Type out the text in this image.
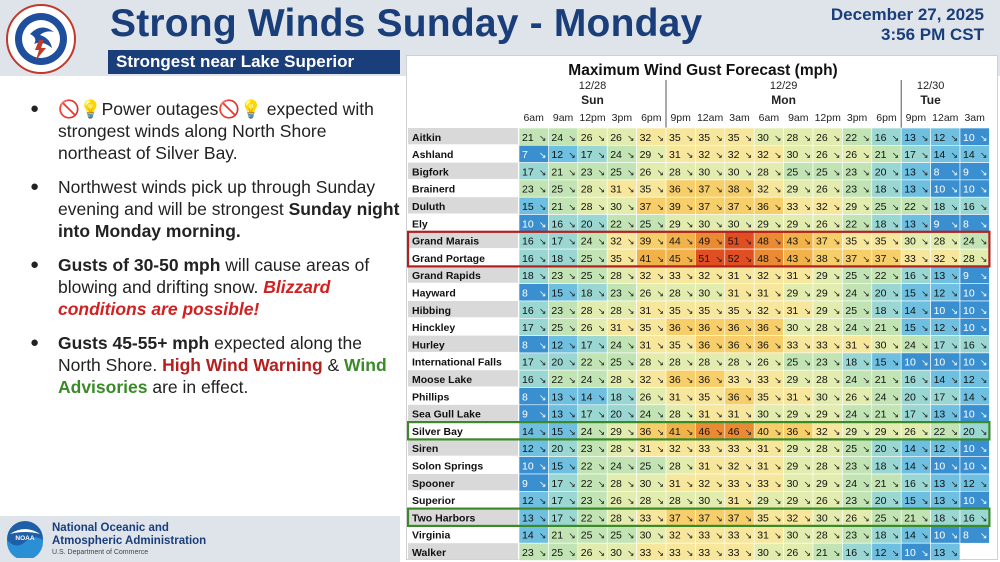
Strong Winds Sunday - Monday
Strongest near Lake Superior
December 27, 2025
3:56 PM CST
● 🚫💡Power outages🚫💡 expected with strongest winds along North Shore northeast of Silver Bay.
● Northwest winds pick up through Sunday evening and will be strongest Sunday night into Monday morning.
● Gusts of 30-50 mph will cause areas of blowing and drifting snow. Blizzard conditions are possible!
● Gusts 45-55+ mph expected along the North Shore. High Wind Warning & Wind Advisories are in effect.
NOAA
National Oceanic and
Atmospheric Administration
U.S. Department of Commerce
Maximum Wind Gust Forecast (mph)
12/28
Sun
12/29
Mon
12/30
Tue
6am 9am 12pm 3pm 6pm 9pm 12am 3am 6am 9am 12pm 3pm 6pm 9pm 12am 3am
Aitkin	21 ↘ 24 ↘ 26 ↘ 26 ↘ 32 ↘ 35 ↘ 35 ↘ 35 ↘ 30 ↘ 28 ↘ 26 ↘ 22 ↘ 16 ↘ 13 ↘ 12 ↘ 10 ↘
Ashland	7 ↘ 12 ↘ 17 ↘ 24 ↘ 29 ↘ 31 ↘ 32 ↘ 32 ↘ 32 ↘ 30 ↘ 26 ↘ 26 ↘ 21 ↘ 17 ↘ 14 ↘ 14 ↘
Bigfork	17 ↘ 21 ↘ 23 ↘ 25 ↘ 26 ↘ 28 ↘ 30 ↘ 30 ↘ 28 ↘ 25 ↘ 25 ↘ 23 ↘ 20 ↘ 13 ↘ 8 ↘ 9 ↘
Brainerd	23 ↘ 25 ↘ 28 ↘ 31 ↘ 35 ↘ 36 ↘ 37 ↘ 38 ↘ 32 ↘ 29 ↘ 26 ↘ 23 ↘ 18 ↘ 13 ↘ 10 ↘ 10 ↘
Duluth	15 ↘ 21 ↘ 28 ↘ 30 ↘ 37 ↘ 39 ↘ 37 ↘ 37 ↘ 36 ↘ 33 ↘ 32 ↘ 29 ↘ 25 ↘ 22 ↘ 18 ↘ 16 ↘
Ely	10 ↘ 16 ↘ 20 ↘ 22 ↘ 25 ↘ 29 ↘ 30 ↘ 30 ↘ 29 ↘ 29 ↘ 26 ↘ 22 ↘ 18 ↘ 13 ↘ 9 ↘ 8 ↘
Grand Marais	16 ↘ 17 ↘ 24 ↘ 32 ↘ 39 ↘ 44 ↘ 49 ↘ 51 ↘ 48 ↘ 43 ↘ 37 ↘ 35 ↘ 35 ↘ 30 ↘ 28 ↘ 24 ↘
Grand Portage	16 ↘ 18 ↘ 25 ↘ 35 ↘ 41 ↘ 45 ↘ 51 ↘ 52 ↘ 48 ↘ 43 ↘ 38 ↘ 37 ↘ 37 ↘ 33 ↘ 32 ↘ 28 ↘
Grand Rapids	18 ↘ 23 ↘ 25 ↘ 28 ↘ 32 ↘ 33 ↘ 32 ↘ 31 ↘ 32 ↘ 31 ↘ 29 ↘ 25 ↘ 22 ↘ 16 ↘ 13 ↘ 9 ↘
Hayward	8 ↘ 15 ↘ 18 ↘ 23 ↘ 26 ↘ 28 ↘ 30 ↘ 31 ↘ 31 ↘ 29 ↘ 29 ↘ 24 ↘ 20 ↘ 15 ↘ 12 ↘ 10 ↘
Hibbing	16 ↘ 23 ↘ 28 ↘ 28 ↘ 31 ↘ 35 ↘ 35 ↘ 35 ↘ 32 ↘ 31 ↘ 29 ↘ 25 ↘ 18 ↘ 14 ↘ 10 ↘ 10 ↘
Hinckley	17 ↘ 25 ↘ 26 ↘ 31 ↘ 35 ↘ 36 ↘ 36 ↘ 36 ↘ 36 ↘ 30 ↘ 28 ↘ 24 ↘ 21 ↘ 15 ↘ 12 ↘ 10 ↘
Hurley	8 ↘ 12 ↘ 17 ↘ 24 ↘ 31 ↘ 35 ↘ 36 ↘ 36 ↘ 36 ↘ 33 ↘ 33 ↘ 31 ↘ 30 ↘ 24 ↘ 17 ↘ 16 ↘
International Falls 17 ↘ 20 ↘ 22 ↘ 25 ↘ 28 ↘ 28 ↘ 28 ↘ 28 ↘ 26 ↘ 25 ↘ 23 ↘ 18 ↘ 15 ↘ 10 ↘ 10 ↘ 10 ↘
Moose Lake	16 ↘ 22 ↘ 24 ↘ 28 ↘ 32 ↘ 36 ↘ 36 ↘ 33 ↘ 33 ↘ 29 ↘ 28 ↘ 24 ↘ 21 ↘ 16 ↘ 14 ↘ 12 ↘
Phillips	8 ↘ 13 ↘ 14 ↘ 18 ↘ 26 ↘ 31 ↘ 35 ↘ 36 ↘ 35 ↘ 31 ↘ 30 ↘ 26 ↘ 24 ↘ 20 ↘ 17 ↘ 14 ↘
Sea Gull Lake	9 ↘ 13 ↘ 17 ↘ 20 ↘ 24 ↘ 28 ↘ 31 ↘ 31 ↘ 30 ↘ 29 ↘ 29 ↘ 24 ↘ 21 ↘ 17 ↘ 13 ↘ 10 ↘
Silver Bay	14 ↘ 15 ↘ 24 ↘ 29 ↘ 36 ↘ 41 ↘ 46 ↘ 46 ↘ 40 ↘ 36 ↘ 32 ↘ 29 ↘ 29 ↘ 26 ↘ 22 ↘ 20 ↘
Siren	12 ↘ 20 ↘ 23 ↘ 28 ↘ 31 ↘ 32 ↘ 33 ↘ 33 ↘ 31 ↘ 29 ↘ 28 ↘ 25 ↘ 20 ↘ 14 ↘ 12 ↘ 10 ↘
Solon Springs	10 ↘ 15 ↘ 22 ↘ 24 ↘ 25 ↘ 28 ↘ 31 ↘ 32 ↘ 31 ↘ 29 ↘ 28 ↘ 23 ↘ 18 ↘ 14 ↘ 10 ↘ 10 ↘
Spooner	9 ↘ 17 ↘ 22 ↘ 28 ↘ 30 ↘ 31 ↘ 32 ↘ 33 ↘ 33 ↘ 30 ↘ 29 ↘ 24 ↘ 21 ↘ 16 ↘ 13 ↘ 12 ↘
Superior	12 ↘ 17 ↘ 23 ↘ 26 ↘ 28 ↘ 28 ↘ 30 ↘ 31 ↘ 29 ↘ 29 ↘ 26 ↘ 23 ↘ 20 ↘ 15 ↘ 13 ↘ 10 ↘
Two Harbors	13 ↘ 17 ↘ 22 ↘ 28 ↘ 33 ↘ 37 ↘ 37 ↘ 37 ↘ 35 ↘ 32 ↘ 30 ↘ 26 ↘ 25 ↘ 21 ↘ 18 ↘ 16 ↘
Virginia	14 ↘ 21 ↘ 25 ↘ 25 ↘ 30 ↘ 32 ↘ 33 ↘ 33 ↘ 31 ↘ 30 ↘ 28 ↘ 23 ↘ 18 ↘ 14 ↘ 10 ↘ 8 ↘
Walker	23 ↘ 25 ↘ 26 ↘ 30 ↘ 33 ↘ 33 ↘ 33 ↘ 33 ↘ 30 ↘ 26 ↘ 21 ↘ 16 ↘ 12 ↘ 10 ↘ 13 ↘
